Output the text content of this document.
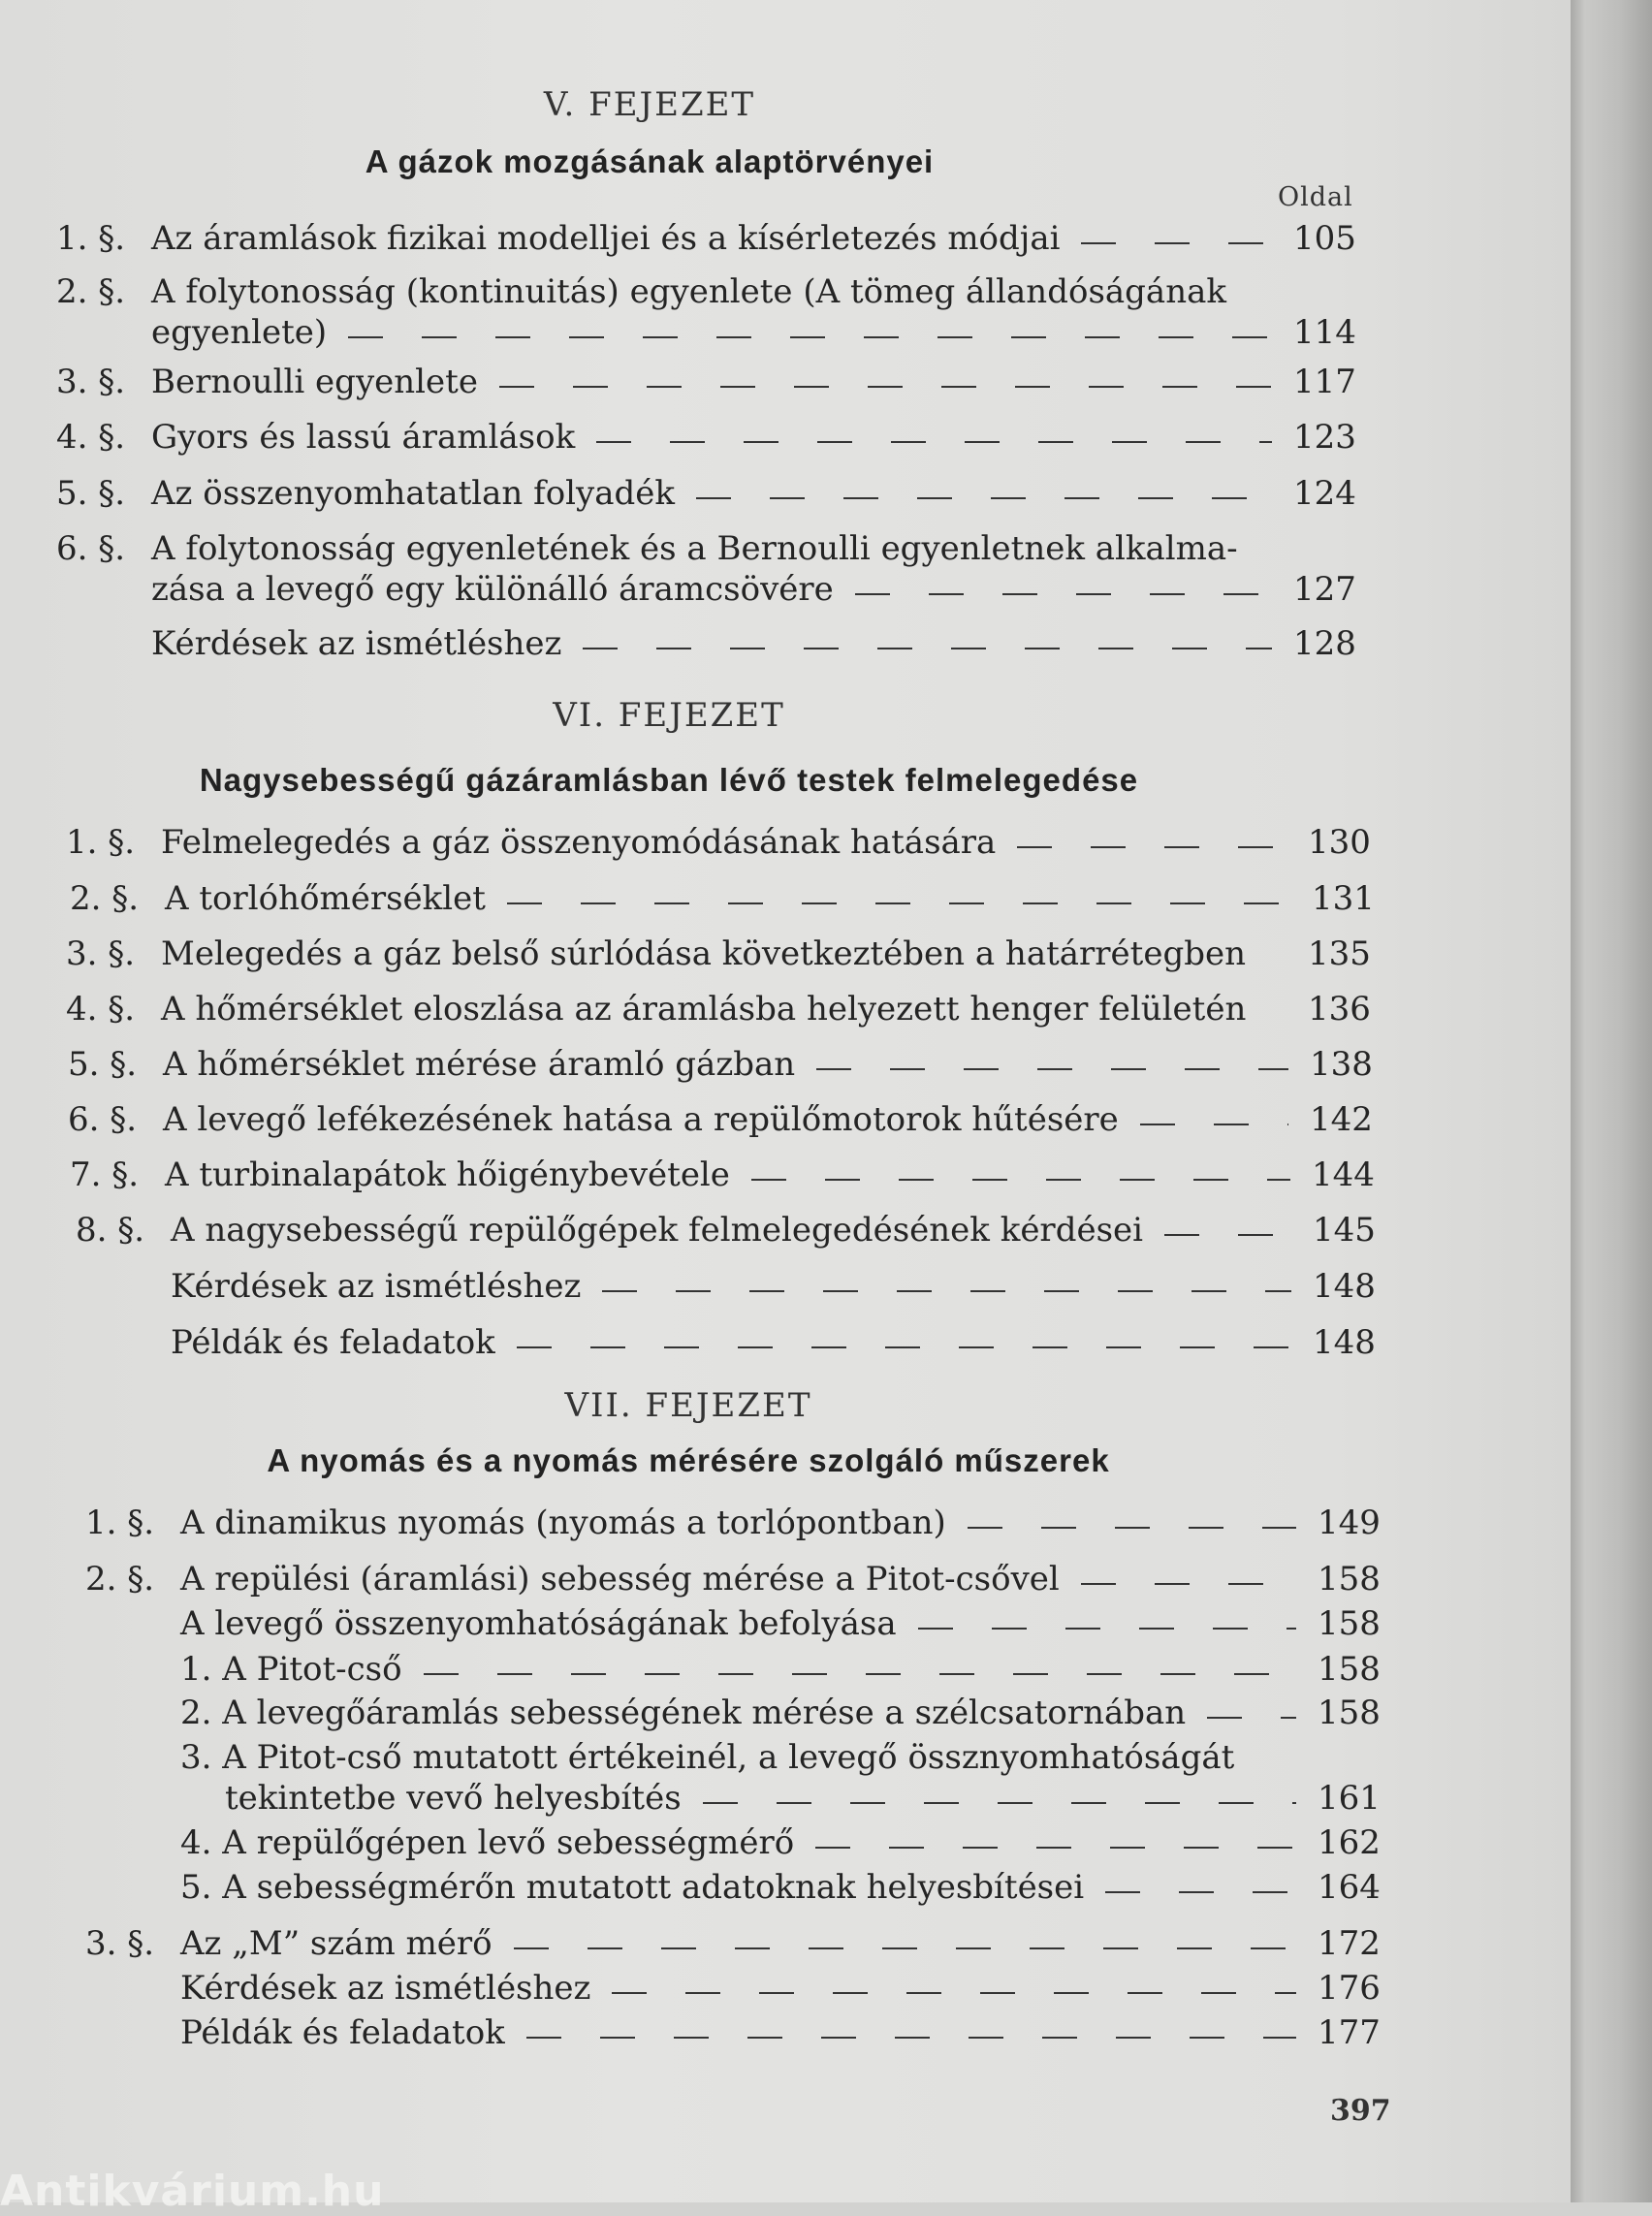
V. FEJEZET
A gázok mozgásának alaptörvényei
Oldal
1. §. Az áramlások fizikai modelljei és a kísérletezés módjai	105
2. §. A folytonosság (kontinuitás) egyenlete (A tömeg állandóságának
egyenlete)	114
3. §. Bernoulli egyenlete	117
4. §. Gyors és lassú áramlások	123
5. §. Az összenyomhatatlan folyadék	124
6. §. A folytonosság egyenletének és a Bernoulli egyenletnek alkalma-
zása a levegő egy különálló áramcsövére	127
Kérdések az ismétléshez	128
VI. FEJEZET
Nagysebességű gázáramlásban lévő testek felmelegedése
1. §. Felmelegedés a gáz összenyomódásának hatására	130
2. §. A torlóhőmérséklet	131
3. §. Melegedés a gáz belső súrlódása következtében a határrétegben 135
4. §. A hőmérséklet eloszlása az áramlásba helyezett henger felületén 136
5. §. A hőmérséklet mérése áramló gázban	138
6. §. A levegő lefékezésének hatása a repülőmotorok hűtésére	142
7. §. A turbinalapátok hőigénybevétele	144
8. §. A nagysebességű repülőgépek felmelegedésének kérdései	145
Kérdések az ismétléshez	148
Példák és feladatok	148
VII. FEJEZET
A nyomás és a nyomás mérésére szolgáló műszerek
1. §. A dinamikus nyomás (nyomás a torlópontban)	149
2. §. A repülési (áramlási) sebesség mérése a Pitot-csővel	158
A levegő összenyomhatóságának befolyása	158
1. A Pitot-cső	158
2. A levegőáramlás sebességének mérése a szélcsatornában	158
3. A Pitot-cső mutatott értékeinél, a levegő össznyomhatóságát
tekintetbe vevő helyesbítés	161
4. A repülőgépen levő sebességmérő	162
5. A sebességmérőn mutatott adatoknak helyesbítései	164
3. §. Az „M” szám mérő	172
Kérdések az ismétléshez	176
Példák és feladatok	177
397
Antikvárium.hu
